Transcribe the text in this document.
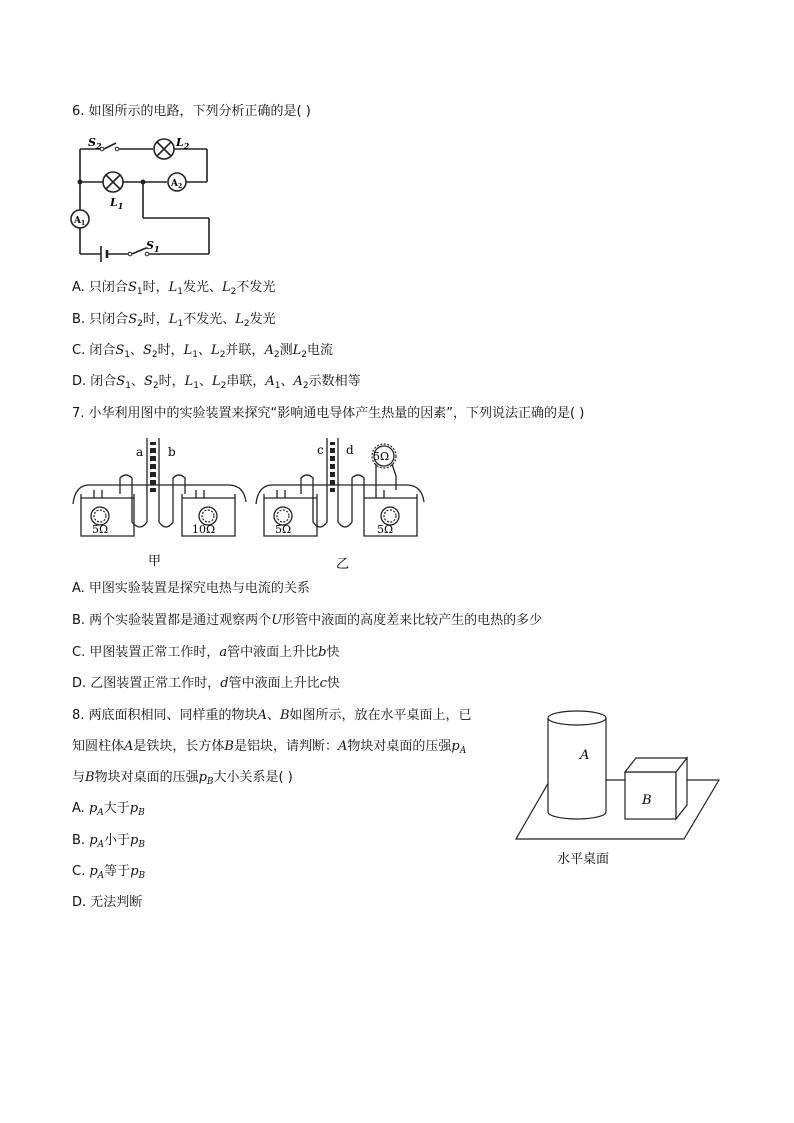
6. 如图所示的电路，下列分析正确的是( )
$S_2$	$L_2$
$L_1$
$A_2$
$A_1$
$S_1$
A. 只闭合$S_1$时，$L_1$发光、$L_2$不发光
B. 只闭合$S_2$时，$L_1$不发光、$L_2$发光
C. 闭合$S_1$、$S_2$时，$L_1$、$L_2$并联，$A_2$测$L_2$电流
D. 闭合$S_1$、$S_2$时，$L_1$、$L_2$串联，$A_1$、$A_2$示数相等
7. 小华利用图中的实验装置来探究“影响通电导体产生热量的因素”，下列说法正确的是( )
a b	c d
5Ω	10Ω	5Ω	5Ω
5Ω
甲	乙
A. 甲图实验装置是探究电热与电流的关系
B. 两个实验装置都是通过观察两个U形管中液面的高度差来比较产生的电热的多少
C. 甲图装置正常工作时，a管中液面上升比b快
D. 乙图装置正常工作时，d管中液面上升比c快
8. 两底面积相同、同样重的物块A、B如图所示，放在水平桌面上，已
知圆柱体A是铁块，长方体B是铝块，请判断：A物块对桌面的压强$p_A$
与B物块对桌面的压强$p_B$大小关系是( )
A. $p_A$大于$p_B$
B. $p_A$小于$p_B$
C. $p_A$等于$p_B$
D. 无法判断
A
B
水平桌面
